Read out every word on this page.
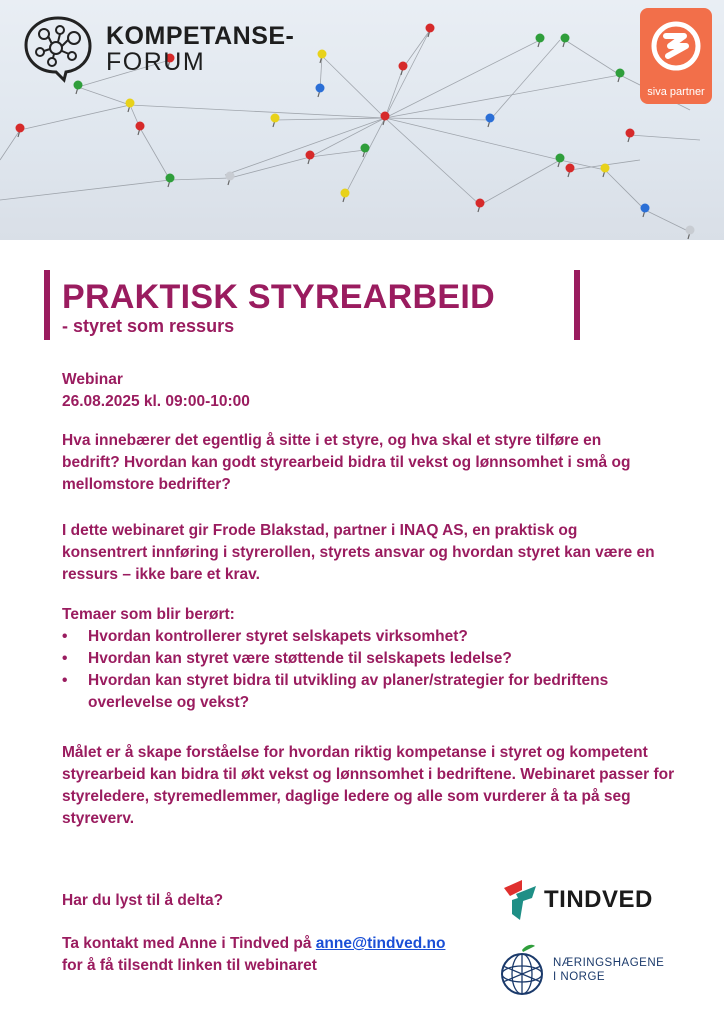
KOMPETANSE-
FORUM
siva partner
PRAKTISK STYREARBEID
- styret som ressurs
Webinar
26.08.2025 kl. 09:00-10:00
Hva innebærer det egentlig å sitte i et styre, og hva skal et styre tilføre en bedrift? Hvordan kan godt styrearbeid bidra til vekst og lønnsomhet i små og mellomstore bedrifter?
I dette webinaret gir Frode Blakstad, partner i INAQ AS, en praktisk og konsentrert innføring i styrerollen, styrets ansvar og hvordan styret kan være en ressurs – ikke bare et krav.
Temaer som blir berørt:
• Hvordan kontrollerer styret selskapets virksomhet?
• Hvordan kan styret være støttende til selskapets ledelse?
• Hvordan kan styret bidra til utvikling av planer/strategier for bedriftens overlevelse og vekst?
Målet er å skape forståelse for hvordan riktig kompetanse i styret og kompetent styrearbeid kan bidra til økt vekst og lønnsomhet i bedriftene. Webinaret passer for styreledere, styremedlemmer, daglige ledere og alle som vurderer å ta på seg styreverv.
Har du lyst til å delta?
Ta kontakt med Anne i Tindved på anne@tindved.no
for å få tilsendt linken til webinaret
TINDVED
NÆRINGSHAGENE
I NORGE
